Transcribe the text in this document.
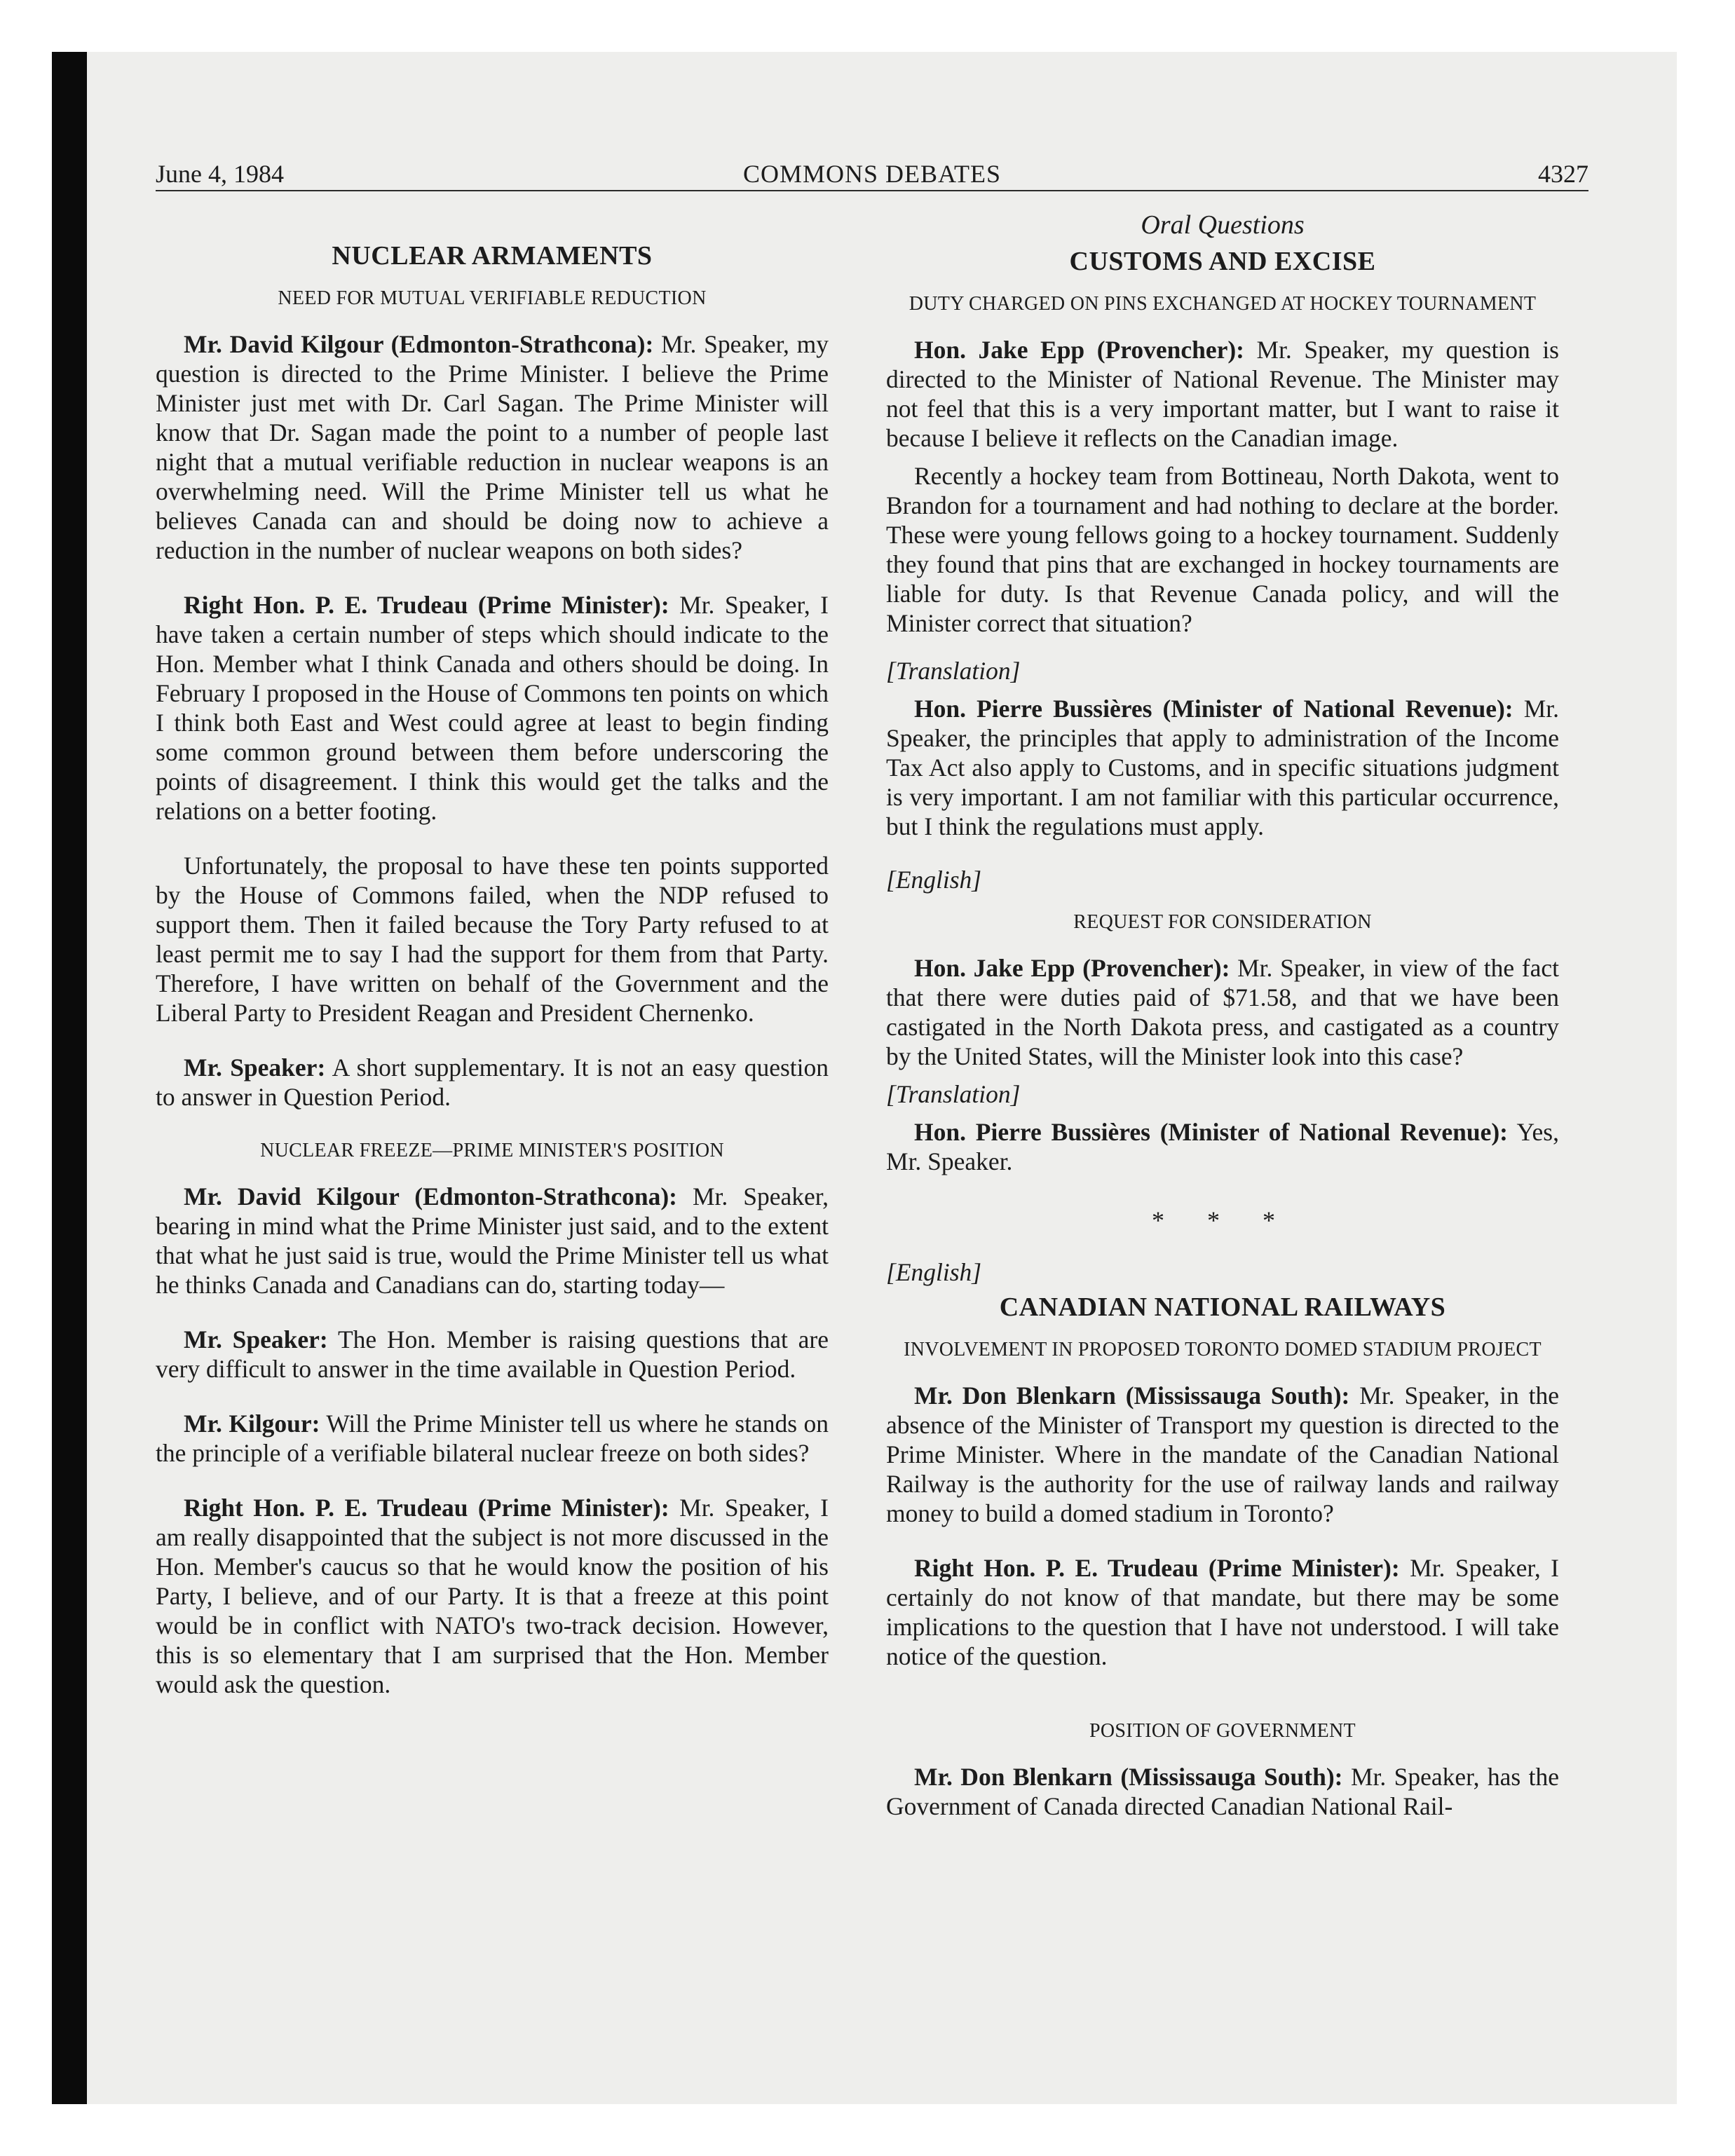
COMMONS DEBATES
June 4, 1984	4327
NUCLEAR ARMAMENTS
NEED FOR MUTUAL VERIFIABLE REDUCTION

Mr. David Kilgour (Edmonton-Strathcona): Mr. Speaker, my question is directed to the Prime Minister. I believe the Prime Minister just met with Dr. Carl Sagan. The Prime Minister will know that Dr. Sagan made the point to a number of people last night that a mutual verifiable reduction in nuclear weapons is an overwhelming need. Will the Prime Minister tell us what he believes Canada can and should be doing now to achieve a reduction in the number of nuclear weapons on both sides?

Right Hon. P. E. Trudeau (Prime Minister): Mr. Speaker, I have taken a certain number of steps which should indicate to the Hon. Member what I think Canada and others should be doing. In February I proposed in the House of Commons ten points on which I think both East and West could agree at least to begin finding some common ground between them before underscoring the points of disagreement. I think this would get the talks and the relations on a better footing.

Unfortunately, the proposal to have these ten points supported by the House of Commons failed, when the NDP refused to support them. Then it failed because the Tory Party refused to at least permit me to say I had the support for them from that Party. Therefore, I have written on behalf of the Government and the Liberal Party to President Reagan and President Chernenko.

Mr. Speaker: A short supplementary. It is not an easy question to answer in Question Period.

NUCLEAR FREEZE—PRIME MINISTER'S POSITION

Mr. David Kilgour (Edmonton-Strathcona): Mr. Speaker, bearing in mind what the Prime Minister just said, and to the extent that what he just said is true, would the Prime Minister tell us what he thinks Canada and Canadians can do, starting today—

Mr. Speaker: The Hon. Member is raising questions that are very difficult to answer in the time available in Question Period.

Mr. Kilgour: Will the Prime Minister tell us where he stands on the principle of a verifiable bilateral nuclear freeze on both sides?

Right Hon. P. E. Trudeau (Prime Minister): Mr. Speaker, I am really disappointed that the subject is not more discussed in the Hon. Member's caucus so that he would know the position of his Party, I believe, and of our Party. It is that a freeze at this point would be in conflict with NATO's two-track decision. However, this is so elementary that I am surprised that the Hon. Member would ask the question.

Oral Questions
CUSTOMS AND EXCISE
DUTY CHARGED ON PINS EXCHANGED AT HOCKEY TOURNAMENT

Hon. Jake Epp (Provencher): Mr. Speaker, my question is directed to the Minister of National Revenue. The Minister may not feel that this is a very important matter, but I want to raise it because I believe it reflects on the Canadian image.

Recently a hockey team from Bottineau, North Dakota, went to Brandon for a tournament and had nothing to declare at the border. These were young fellows going to a hockey tournament. Suddenly they found that pins that are exchanged in hockey tournaments are liable for duty. Is that Revenue Canada policy, and will the Minister correct that situation?

[Translation]

Hon. Pierre Bussières (Minister of National Revenue): Mr. Speaker, the principles that apply to administration of the Income Tax Act also apply to Customs, and in specific situations judgment is very important. I am not familiar with this particular occurrence, but I think the regulations must apply.

[English]
REQUEST FOR CONSIDERATION

Hon. Jake Epp (Provencher): Mr. Speaker, in view of the fact that there were duties paid of $71.58, and that we have been castigated in the North Dakota press, and castigated as a country by the United States, will the Minister look into this case?

[Translation]

Hon. Pierre Bussières (Minister of National Revenue): Yes, Mr. Speaker.

* * *
[English]
CANADIAN NATIONAL RAILWAYS
INVOLVEMENT IN PROPOSED TORONTO DOMED STADIUM PROJECT

Mr. Don Blenkarn (Mississauga South): Mr. Speaker, in the absence of the Minister of Transport my question is directed to the Prime Minister. Where in the mandate of the Canadian National Railway is the authority for the use of railway lands and railway money to build a domed stadium in Toronto?

Right Hon. P. E. Trudeau (Prime Minister): Mr. Speaker, I certainly do not know of that mandate, but there may be some implications to the question that I have not understood. I will take notice of the question.

POSITION OF GOVERNMENT

Mr. Don Blenkarn (Mississauga South): Mr. Speaker, has the Government of Canada directed Canadian National Rail-
